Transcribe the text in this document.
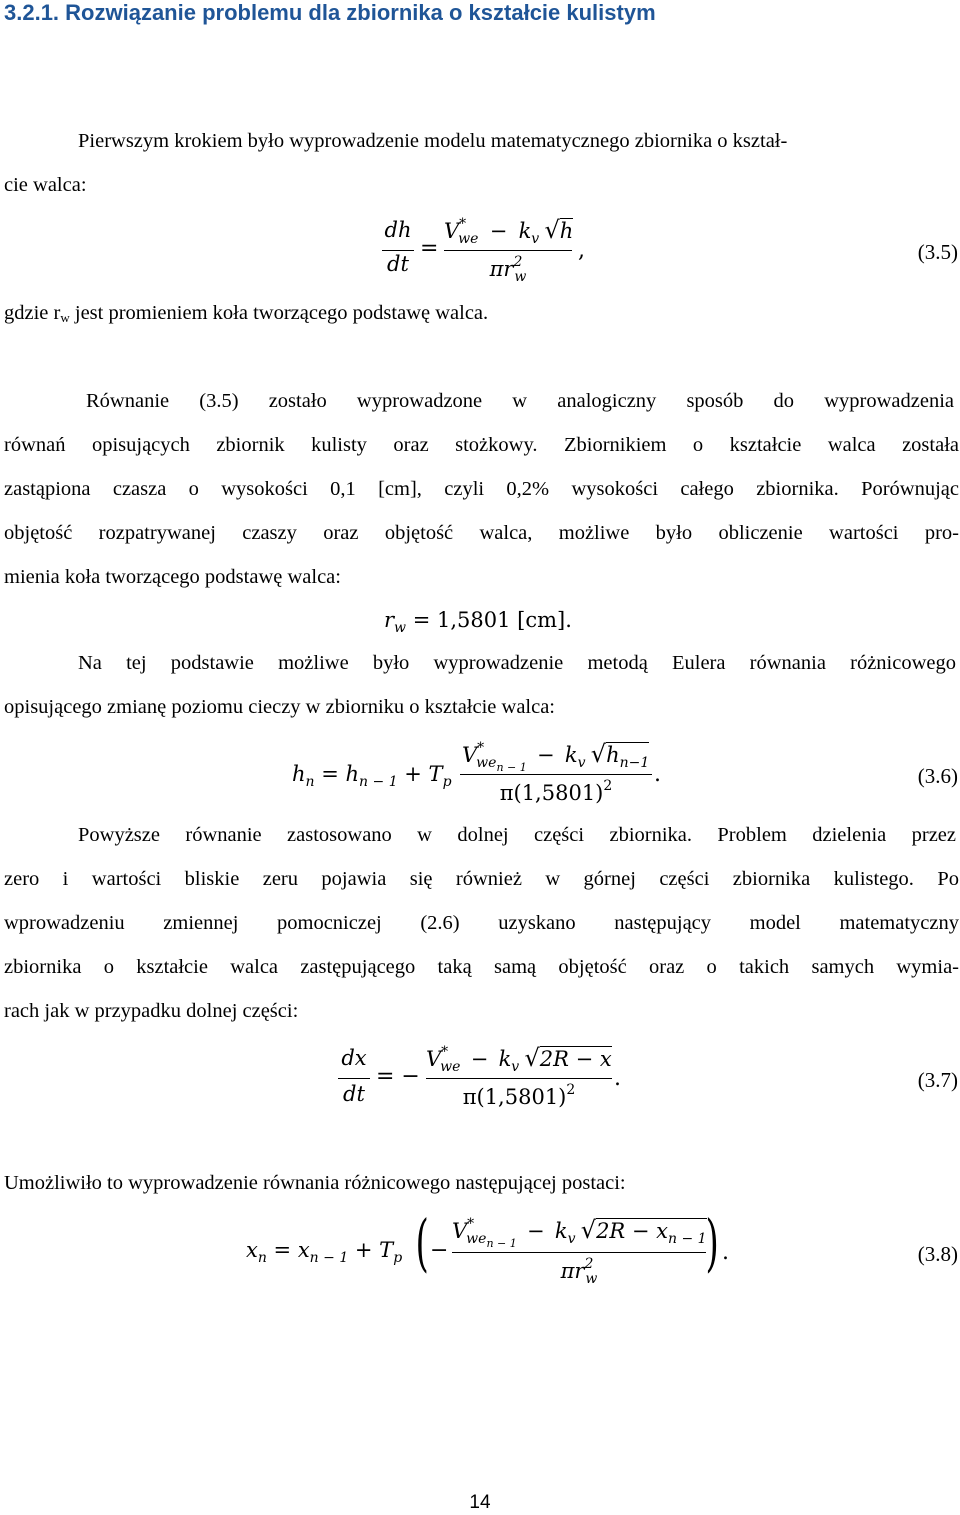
3.2.1. Rozwiązanie problemu dla zbiornika o kształcie kulistym
Pierwszym krokiem było wyprowadzenie modelu matematycznego zbiornika o kształ-
cie walca:
dh
dt
=
$V^*_{we} - k_v$ √h
$\pi r^2_w$
,	(3.5)
gdzie rw jest promieniem koła tworzącego podstawę walca.
Równanie (3.5) zostało wyprowadzone w analogiczny sposób do wyprowadzenia
równań opisujących zbiornik kulisty oraz stożkowy. Zbiornikiem o kształcie walca została
zastąpiona czasza o wysokości 0,1 [cm], czyli 0,2% wysokości całego zbiornika. Porównując
objętość rozpatrywanej czaszy oraz objętość walca, możliwe było obliczenie wartości pro-
mienia koła tworzącego podstawę walca:
$r_w = 1,5801$ [cm].
Na tej podstawie możliwe było wyprowadzenie metodą Eulera równania różnicowego
opisującego zmianę poziomu cieczy w zbiorniku o kształcie walca:
$h_n = h_{n - 1} + T_p$
$V^*_{wen - 1} - k_v$ $√h_{n-1}$
$\pi(1,5801)^2$	.	(3.6)
Powyższe równanie zastosowano w dolnej części zbiornika. Problem dzielenia przez
zero i wartości bliskie zeru pojawia się również w górnej części zbiornika kulistego. Po
wprowadzeniu zmiennej pomocniczej (2.6) uzyskano następujący model matematyczny
zbiornika o kształcie walca zastępującego taką samą objętość oraz o takich samych wymia-
rach jak w przypadku dolnej części:
dx
dt
= −
$V^*_{we} - k_v$ √2R − x
$\pi(1,5801)^2$	.	(3.7)
Umożliwiło to wyprowadzenie równania różnicowego następującej postaci:
$x_n = x_{n - 1} + T_p$ ( −
$V^*_{wen - 1} - k_v$ $√2R - x_{n - 1}$
$\pi r^2_w$	) .	(3.8)
14
